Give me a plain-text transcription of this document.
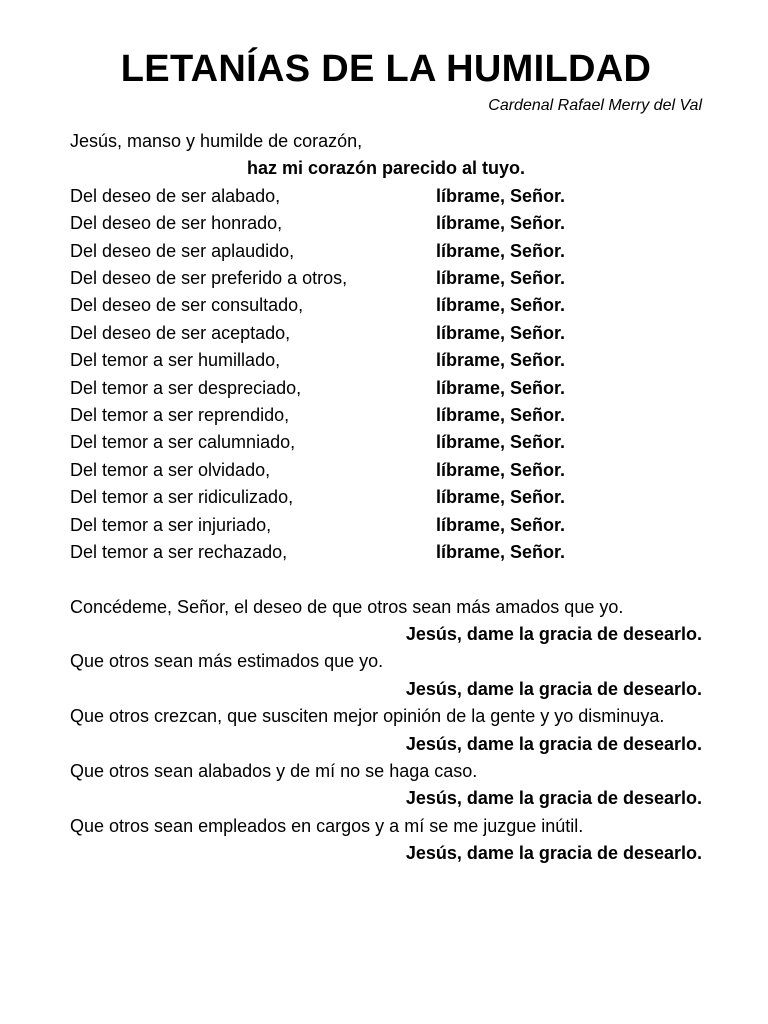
LETANÍAS DE LA HUMILDAD
Cardenal Rafael Merry del Val
Jesús, manso y humilde de corazón,
haz mi corazón parecido al tuyo.
Del deseo de ser alabado,	líbrame, Señor.
Del deseo de ser honrado,	líbrame, Señor.
Del deseo de ser aplaudido,	líbrame, Señor.
Del deseo de ser preferido a otros,	líbrame, Señor.
Del deseo de ser consultado,	líbrame, Señor.
Del deseo de ser aceptado,	líbrame, Señor.
Del temor a ser humillado,	líbrame, Señor.
Del temor a ser despreciado,	líbrame, Señor.
Del temor a ser reprendido,	líbrame, Señor.
Del temor a ser calumniado,	líbrame, Señor.
Del temor a ser olvidado,	líbrame, Señor.
Del temor a ser ridiculizado,	líbrame, Señor.
Del temor a ser injuriado,	líbrame, Señor.
Del temor a ser rechazado,	líbrame, Señor.
Concédeme, Señor, el deseo de que otros sean más amados que yo.
Jesús, dame la gracia de desearlo.
Que otros sean más estimados que yo.
Jesús, dame la gracia de desearlo.
Que otros crezcan, que susciten mejor opinión de la gente y yo disminuya.
Jesús, dame la gracia de desearlo.
Que otros sean alabados y de mí no se haga caso.
Jesús, dame la gracia de desearlo.
Que otros sean empleados en cargos y a mí se me juzgue inútil.
Jesús, dame la gracia de desearlo.
